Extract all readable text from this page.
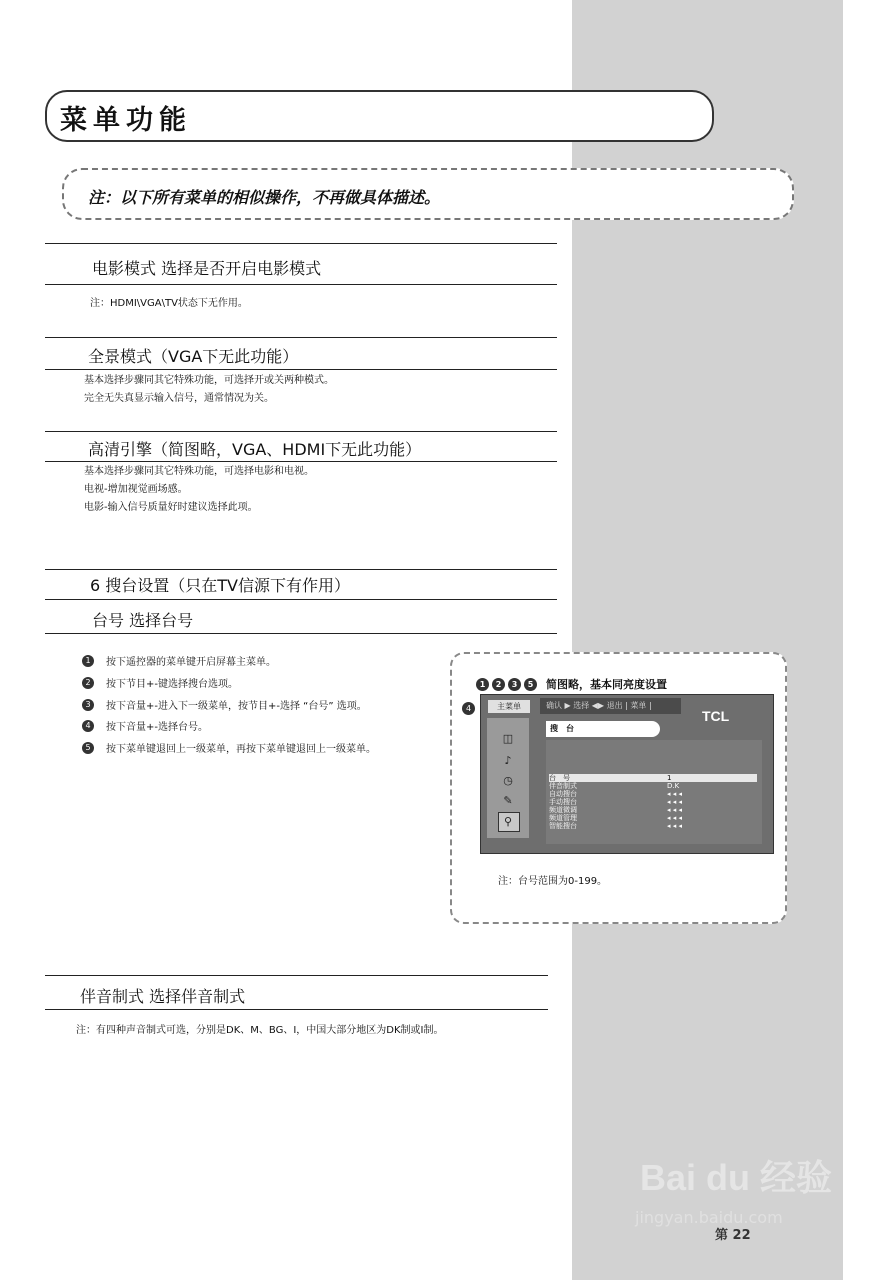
菜单功能
注：以下所有菜单的相似操作，不再做具体描述。
电影模式 选择是否开启电影模式
注：HDMI\VGA\TV状态下无作用。
全景模式（VGA下无此功能）
基本选择步骤同其它特殊功能，可选择开或关两种模式。
完全无失真显示输入信号，通常情况为关。
高清引擎（简图略，VGA、HDMI下无此功能）
基本选择步骤同其它特殊功能，可选择电影和电视。
电视-增加视觉画场感。
电影-输入信号质量好时建议选择此项。
6 搜台设置（只在TV信源下有作用）
台号 选择台号
1	按下遥控器的菜单键开启屏幕主菜单。
2	按下节目+-键选择搜台选项。
3	按下音量+-进入下一级菜单，按节目+-选择 “台号” 选项。
4	按下音量+-选择台号。
5	按下菜单键退回上一级菜单，再按下菜单键退回上一级菜单。
1	2	3	5	简图略，基本同亮度设置
4	主菜单	确认 ▶ 选择 ◀▶ 退出 | 菜单 |
TCL
◫
♪
◷
✎
⚲
搜　台
台　号	1
伴音制式	D.K
自动搜台	◂ ◂ ◂
手动搜台	◂ ◂ ◂
频道微调	◂ ◂ ◂
频道管理	◂ ◂ ◂
智能搜台	◂ ◂ ◂
注：台号范围为0-199。
伴音制式 选择伴音制式
注：有四种声音制式可选，分别是DK、M、BG、I，中国大部分地区为DK制或I制。
Bai du 经验
jingyan.baidu.com
第 22
